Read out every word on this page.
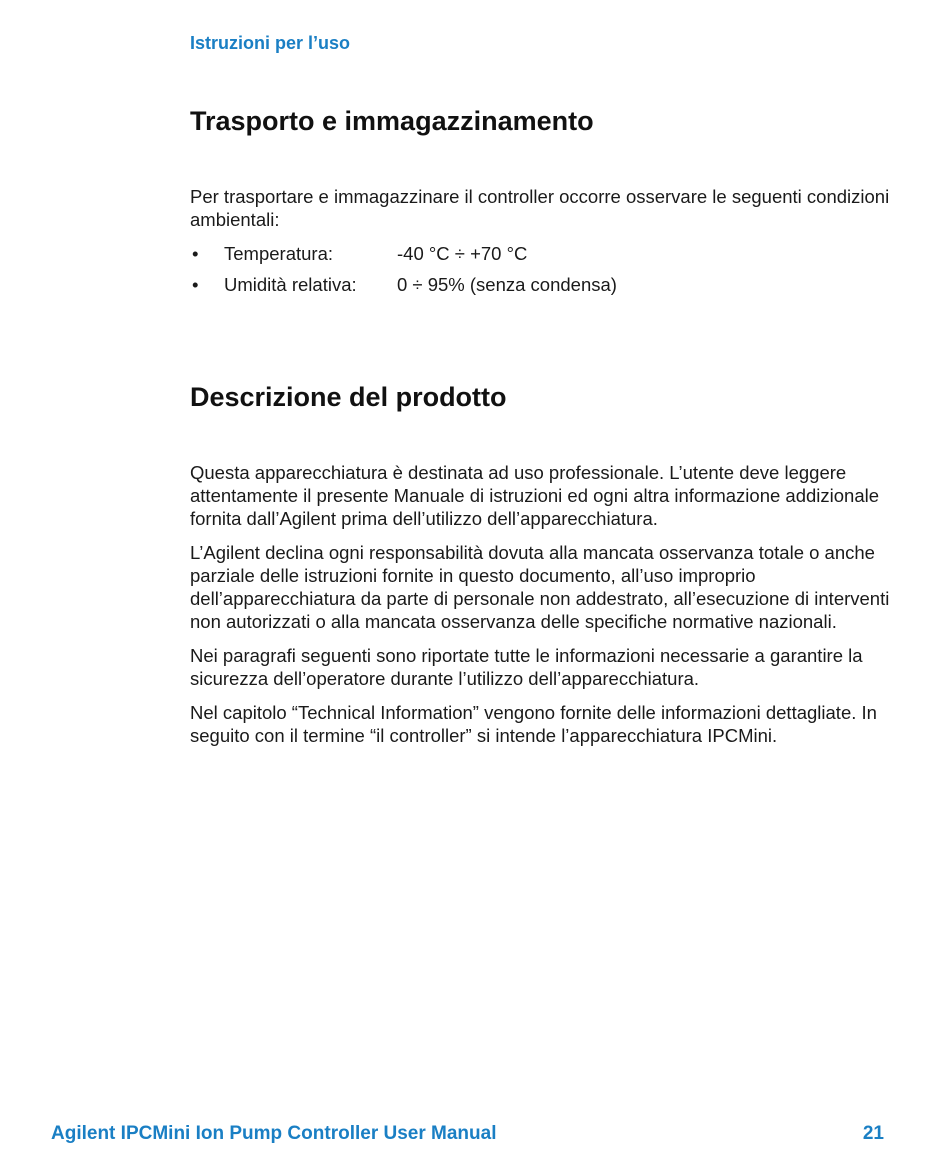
Istruzioni per l’uso
Trasporto e immagazzinamento

Per trasportare e immagazzinare il controller occorre osservare le seguenti condizioni ambientali:

• Temperatura:	-40 °C ÷ +70 °C
• Umidità relativa: 0 ÷ 95% (senza condensa)
Descrizione del prodotto

Questa apparecchiatura è destinata ad uso professionale. L’utente deve leggere attentamente il presente Manuale di istruzioni ed ogni altra informazione addizionale fornita dall’Agilent prima dell’utilizzo dell’apparecchiatura.

L’Agilent declina ogni responsabilità dovuta alla mancata osservanza totale o anche parziale delle istruzioni fornite in questo documento, all’uso improprio dell’apparecchiatura da parte di personale non addestrato, all’esecuzione di interventi non autorizzati o alla mancata osservanza delle specifiche normative nazionali.

Nei paragrafi seguenti sono riportate tutte le informazioni necessarie a garantire la sicurezza dell’operatore durante l’utilizzo dell’apparecchiatura.

Nel capitolo “Technical Information” vengono fornite delle informazioni dettagliate. In seguito con il termine “il controller” si intende l’apparecchiatura IPCMini.

Agilent IPCMini Ion Pump Controller User Manual	21
